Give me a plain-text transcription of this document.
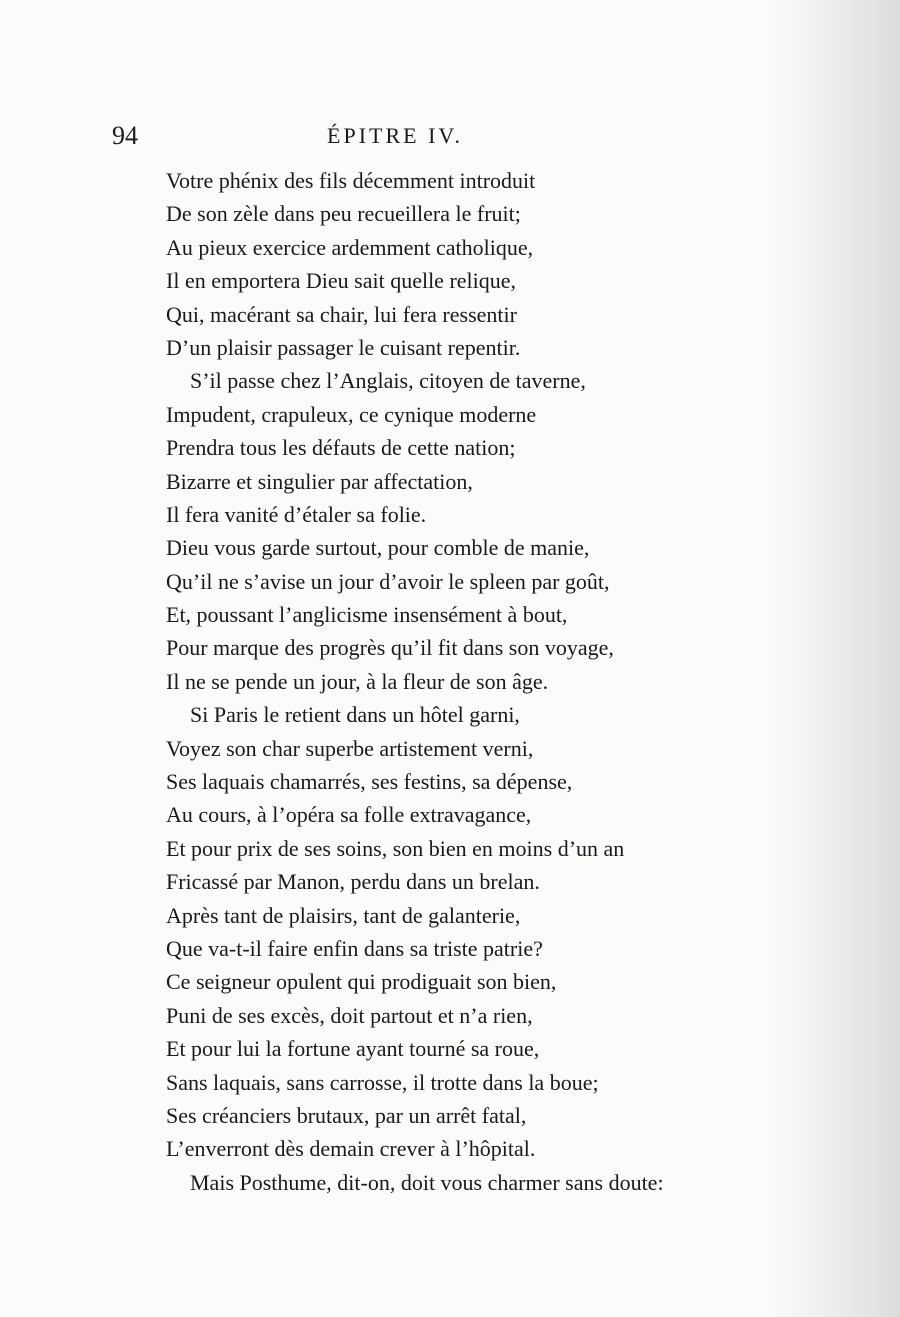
94	ÉPITRE IV.
Votre phénix des fils décemment introduit
De son zèle dans peu recueillera le fruit;
Au pieux exercice ardemment catholique,
Il en emportera Dieu sait quelle relique,
Qui, macérant sa chair, lui fera ressentir
D’un plaisir passager le cuisant repentir.
S’il passe chez l’Anglais, citoyen de taverne,
Impudent, crapuleux, ce cynique moderne
Prendra tous les défauts de cette nation;
Bizarre et singulier par affectation,
Il fera vanité d’étaler sa folie.
Dieu vous garde surtout, pour comble de manie,
Qu’il ne s’avise un jour d’avoir le spleen par goût,
Et, poussant l’anglicisme insensément à bout,
Pour marque des progrès qu’il fit dans son voyage,
Il ne se pende un jour, à la fleur de son âge.
Si Paris le retient dans un hôtel garni,
Voyez son char superbe artistement verni,
Ses laquais chamarrés, ses festins, sa dépense,
Au cours, à l’opéra sa folle extravagance,
Et pour prix de ses soins, son bien en moins d’un an
Fricassé par Manon, perdu dans un brelan.
Après tant de plaisirs, tant de galanterie,
Que va-t-il faire enfin dans sa triste patrie?
Ce seigneur opulent qui prodiguait son bien,
Puni de ses excès, doit partout et n’a rien,
Et pour lui la fortune ayant tourné sa roue,
Sans laquais, sans carrosse, il trotte dans la boue;
Ses créanciers brutaux, par un arrêt fatal,
L’enverront dès demain crever à l’hôpital.
Mais Posthume, dit-on, doit vous charmer sans doute:
